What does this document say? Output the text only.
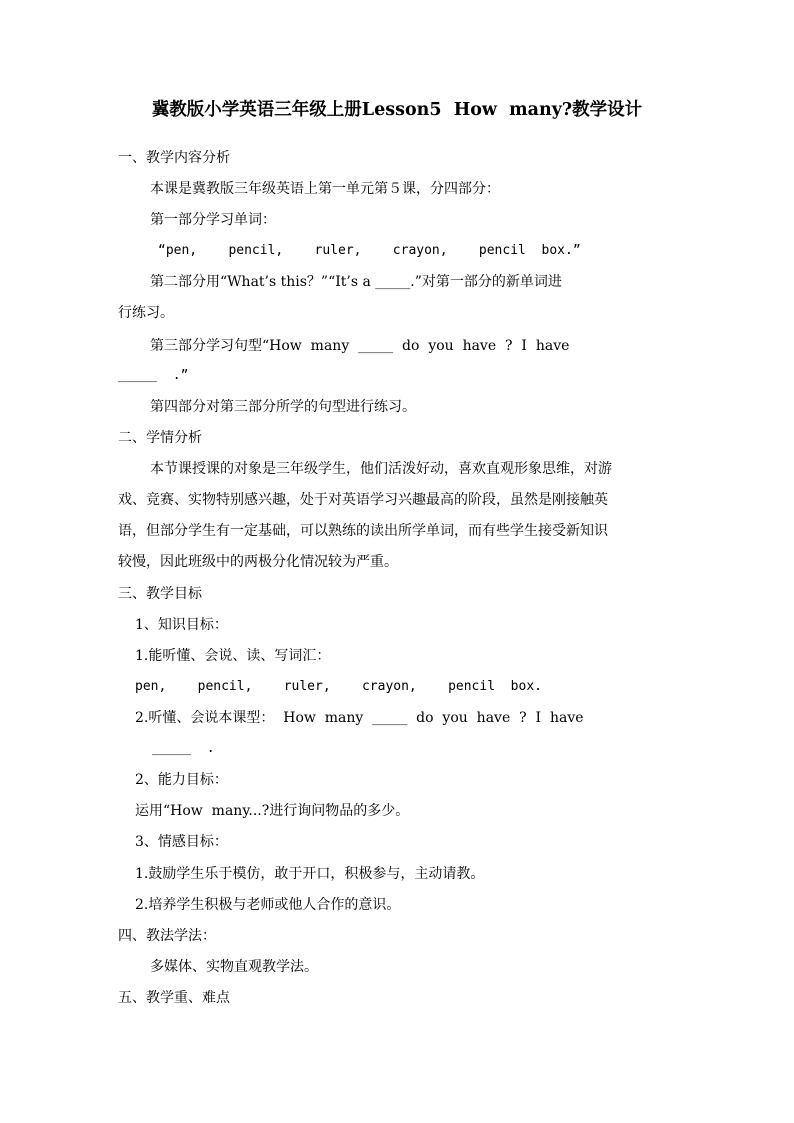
冀教版小学英语三年级上册Lesson5  How  many?教学设计
一、教学内容分析
本课是冀教版三年级英语上第一单元第５课，分四部分：
第一部分学习单词：
“pen,    pencil,    ruler,    crayon,    pencil  box.”
第二部分用“What’s this？”“It’s a _____.”对第一部分的新单词进
行练习。
第三部分学习句型“How  many  _____  do  you  have  ?  I  have
_____  .”
第四部分对第三部分所学的句型进行练习。
二、学情分析
本节课授课的对象是三年级学生，他们活泼好动，喜欢直观形象思维，对游
戏、竞赛、实物特别感兴趣，处于对英语学习兴趣最高的阶段，虽然是刚接触英
语，但部分学生有一定基础，可以熟练的读出所学单词，而有些学生接受新知识
较慢，因此班级中的两极分化情况较为严重。
三、教学目标
1、知识目标：
1.能听懂、会说、读、写词汇：
pen,    pencil,    ruler,    crayon,    pencil  box.
2.听懂、会说本课型：  How  many  _____  do  you  have  ?  I  have
_____  .
2、能力目标：
运用“How  many...?进行询问物品的多少。
3、情感目标：
1.鼓励学生乐于模仿，敢于开口，积极参与，主动请教。
2.培养学生积极与老师或他人合作的意识。
四、教法学法：
多媒体、实物直观教学法。
五、教学重、难点
